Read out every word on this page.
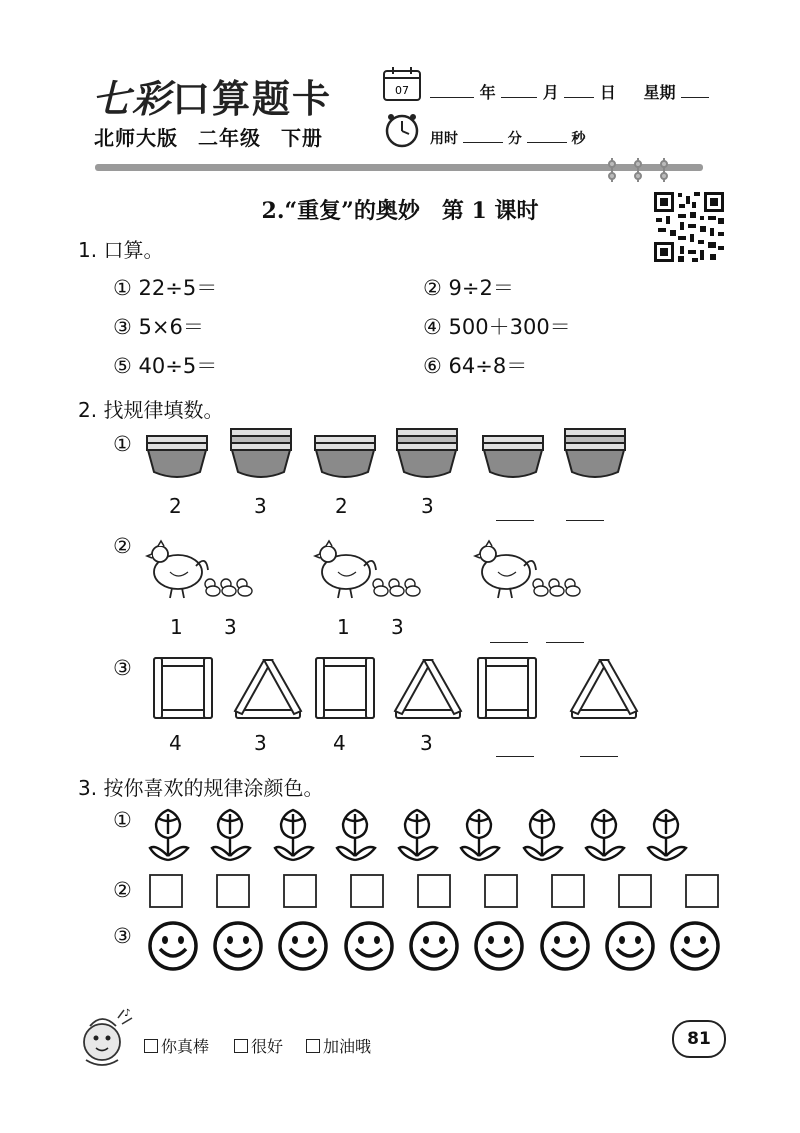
七彩口算题卡
北师大版 二年级 下册
07	年	月	日 星期
用时	分	秒
2.“重复”的奥妙　第 1 课时
1. 口算。
① 22÷5＝	② 9÷2＝
③ 5×6＝	④ 500＋300＝
⑤ 40÷5＝	⑥ 64÷8＝
2. 找规律填数。
①
2	3	2	3
②
1 3	1 3
③
4	3	4	3
3. 按你喜欢的规律涂颜色。
①
②
③
♪
你真棒	很好	加油哦	81
